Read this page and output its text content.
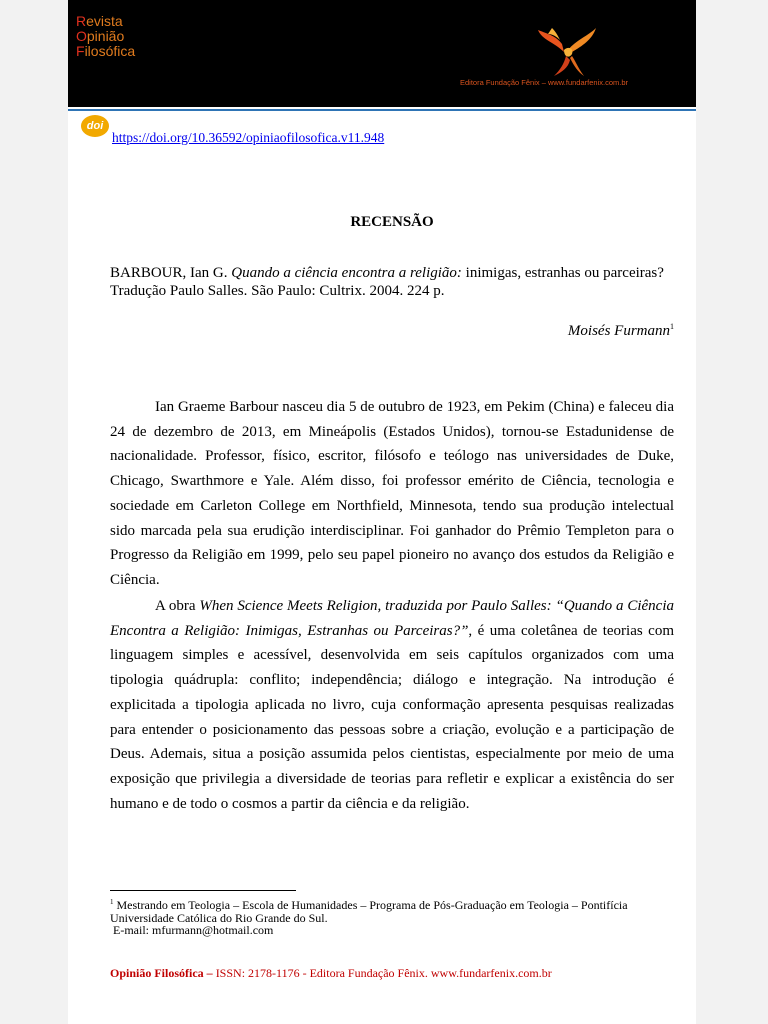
Revista
Opinião
Filosófica
Editora Fundação Fênix – www.fundarfenix.com.br
doi
https://doi.org/10.36592/opiniaofilosofica.v11.948
RECENSÃO
BARBOUR, Ian G. Quando a ciência encontra a religião: inimigas, estranhas ou parceiras? Tradução Paulo Salles. São Paulo: Cultrix. 2004. 224 p.
Moisés Furmann$^1$

Ian Graeme Barbour nasceu dia 5 de outubro de 1923, em Pekim (China) e faleceu dia 24 de dezembro de 2013, em Mineápolis (Estados Unidos), tornou-se Estadunidense de nacionalidade. Professor, físico, escritor, filósofo e teólogo nas universidades de Duke, Chicago, Swarthmore e Yale. Além disso, foi professor emérito de Ciência, tecnologia e sociedade em Carleton College em Northfield, Minnesota, tendo sua produção intelectual sido marcada pela sua erudição interdisciplinar. Foi ganhador do Prêmio Templeton para o Progresso da Religião em 1999, pelo seu papel pioneiro no avanço dos estudos da Religião e Ciência.

A obra When Science Meets Religion, traduzida por Paulo Salles: “Quando a Ciência Encontra a Religião: Inimigas, Estranhas ou Parceiras?”, é uma coletânea de teorias com linguagem simples e acessível, desenvolvida em seis capítulos organizados com uma tipologia quádrupla: conflito; independência; diálogo e integração. Na introdução é explicitada a tipologia aplicada no livro, cuja conformação apresenta pesquisas realizadas para entender o posicionamento das pessoas sobre a criação, evolução e a participação de Deus. Ademais, situa a posição assumida pelos cientistas, especialmente por meio de uma exposição que privilegia a diversidade de teorias para refletir e explicar a existência do ser humano e de todo o cosmos a partir da ciência e da religião.

$^1$ Mestrando em Teologia – Escola de Humanidades – Programa de Pós-Graduação em Teologia – Pontifícia Universidade Católica do Rio Grande do Sul.
E-mail: mfurmann@hotmail.com
Opinião Filosófica – ISSN: 2178-1176 - Editora Fundação Fênix. www.fundarfenix.com.br
